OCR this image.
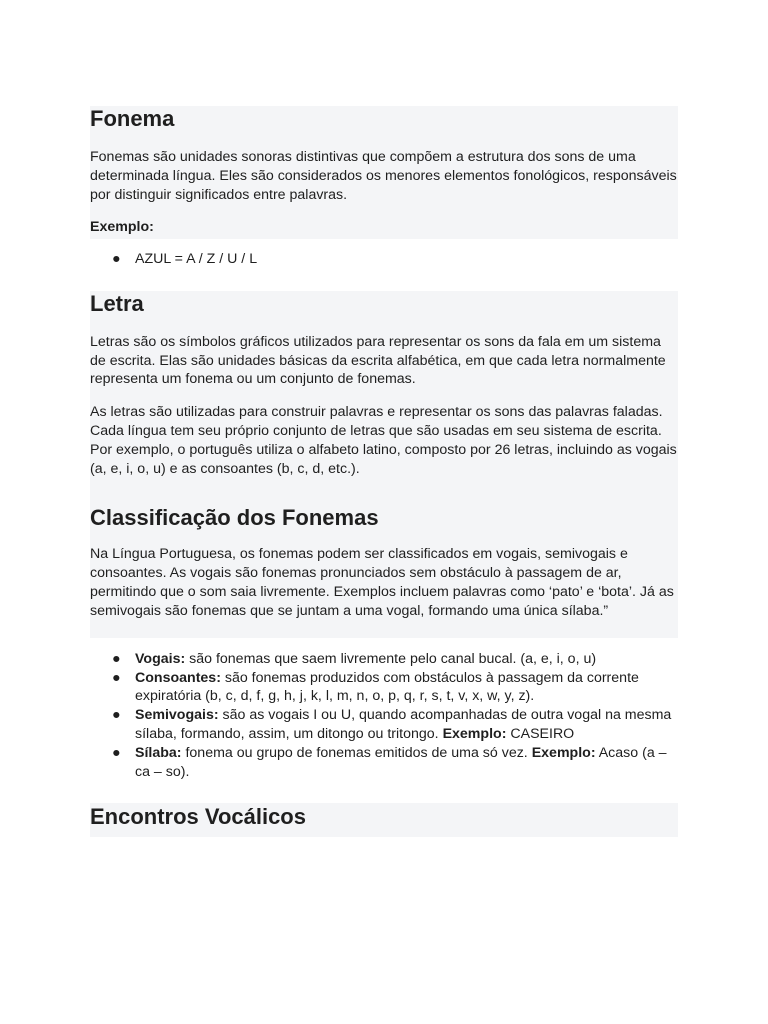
Fonema

Fonemas são unidades sonoras distintivas que compõem a estrutura dos sons de uma determinada língua. Eles são considerados os menores elementos fonológicos, responsáveis por distinguir significados entre palavras.

Exemplo:

● AZUL = A / Z / U / L
Letra

Letras são os símbolos gráficos utilizados para representar os sons da fala em um sistema de escrita. Elas são unidades básicas da escrita alfabética, em que cada letra normalmente representa um fonema ou um conjunto de fonemas.

As letras são utilizadas para construir palavras e representar os sons das palavras faladas. Cada língua tem seu próprio conjunto de letras que são usadas em seu sistema de escrita. Por exemplo, o português utiliza o alfabeto latino, composto por 26 letras, incluindo as vogais (a, e, i, o, u) e as consoantes (b, c, d, etc.).

Classificação dos Fonemas

Na Língua Portuguesa, os fonemas podem ser classificados em vogais, semivogais e consoantes. As vogais são fonemas pronunciados sem obstáculo à passagem de ar, permitindo que o som saia livremente. Exemplos incluem palavras como ‘pato’ e ‘bota’. Já as semivogais são fonemas que se juntam a uma vogal, formando uma única sílaba.”

● Vogais: são fonemas que saem livremente pelo canal bucal. (a, e, i, o, u)
● Consoantes: são fonemas produzidos com obstáculos à passagem da corrente expiratória (b, c, d, f, g, h, j, k, l, m, n, o, p, q, r, s, t, v, x, w, y, z).
● Semivogais: são as vogais I ou U, quando acompanhadas de outra vogal na mesma sílaba, formando, assim, um ditongo ou tritongo. Exemplo: CASEIRO
● Sílaba: fonema ou grupo de fonemas emitidos de uma só vez. Exemplo: Acaso (a – ca – so).
Encontros Vocálicos
